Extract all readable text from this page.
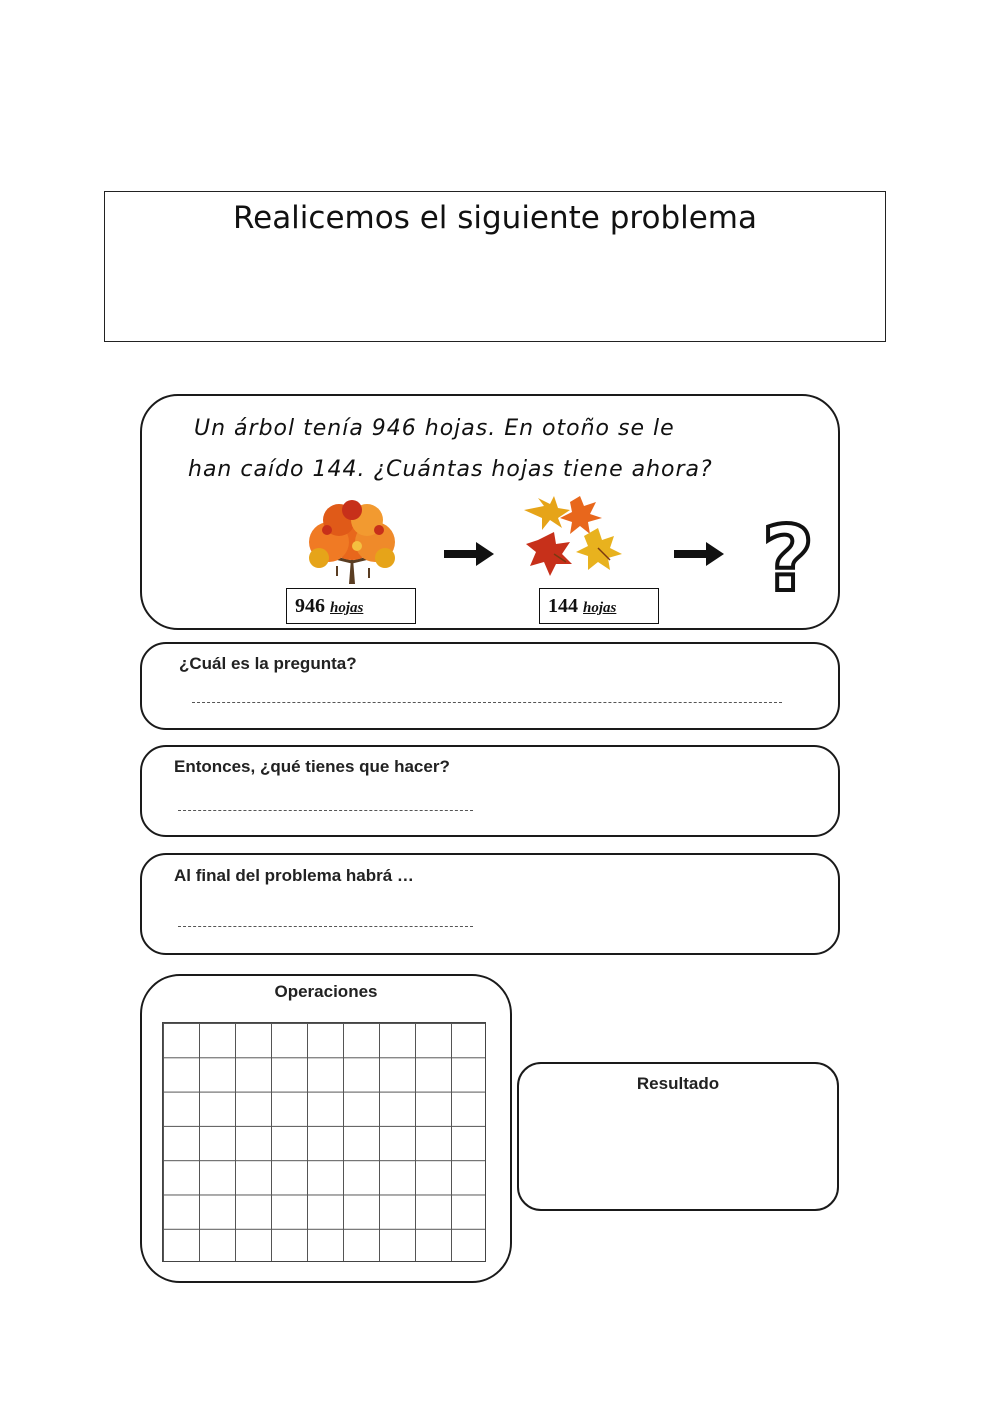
Realicemos el siguiente problema
Un árbol tenía 946 hojas. En otoño se le
han caído 144. ¿Cuántas hojas tiene ahora?
?
946 hojas	144 hojas
¿Cuál es la pregunta?
Entonces, ¿qué tienes que hacer?
Al final del problema habrá …
Operaciones
Resultado
